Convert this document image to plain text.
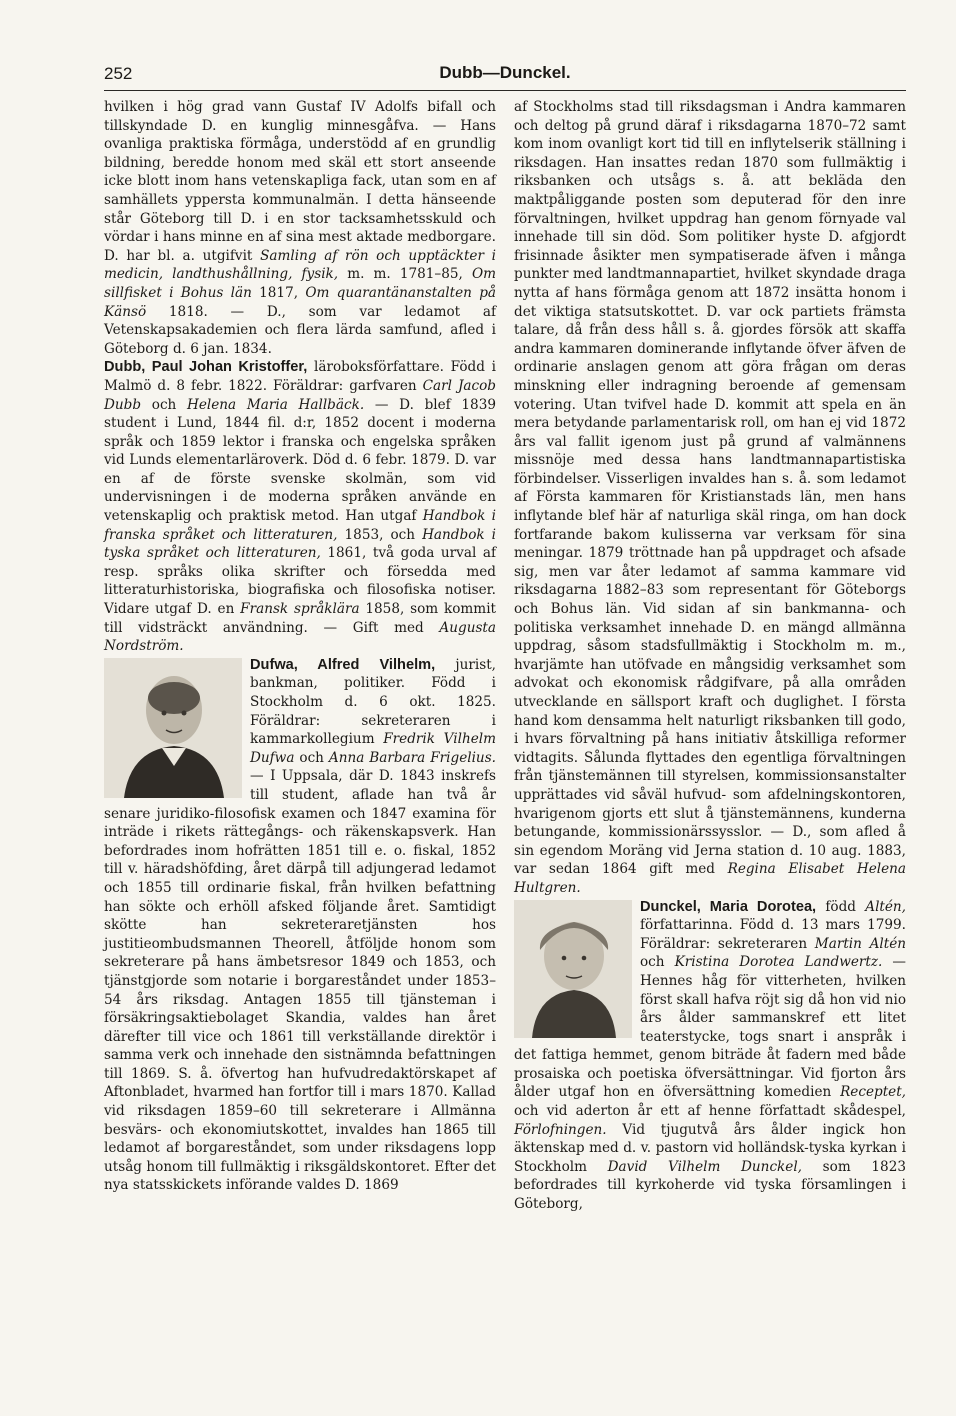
252	Dubb—Dunckel.

hvilken i hög grad vann Gustaf IV Adolfs bifall och tillskyndade D. en kunglig minnesgåfva. — Hans ovanliga praktiska förmåga, understödd af en grundlig bildning, beredde honom med skäl ett stort anseende icke blott inom hans vetenskapliga fack, utan som en af samhällets yppersta kommunalmän. I detta hänseende står Göteborg till D. i en stor tacksamhetsskuld och vördar i hans minne en af sina mest aktade medborgare. D. har bl. a. utgifvit Samling af rön och upptäckter i medicin, landthushållning, fysik, m. m. 1781–85, Om sillfisket i Bohus län 1817, Om quarantänanstalten på Känsö 1818. — D., som var ledamot af Vetenskapsakademien och flera lärda samfund, afled i Göteborg d. 6 jan. 1834.

Dubb, Paul Johan Kristoffer, läroboksförfattare. Född i Malmö d. 8 febr. 1822. Föräldrar: garfvaren Carl Jacob Dubb och Helena Maria Hallbäck. — D. blef 1839 student i Lund, 1844 fil. d:r, 1852 docent i moderna språk och 1859 lektor i franska och engelska språken vid Lunds elementarläroverk. Död d. 6 febr. 1879. D. var en af de förste svenske skolmän, som vid undervisningen i de moderna språken använde en vetenskaplig och praktisk metod. Han utgaf Handbok i franska språket och litteraturen, 1853, och Handbok i tyska språket och litteraturen, 1861, två goda urval af resp. språks olika skrifter och försedda med litteraturhistoriska, biografiska och filosofiska notiser. Vidare utgaf D. en Fransk språklära 1858, som kommit till vidsträckt användning. — Gift med Augusta Nordström.

Dufwa, Alfred Vilhelm,
jurist, bankman, politiker. Född i Stockholm d. 6 okt. 1825. Föräldrar: sekreteraren i kammarkollegium Fredrik Vilhelm Dufwa och Anna Barbara Frigelius. — I Uppsala, där D. 1843 inskrefs till student, aflade han två år senare juridiko-filosofisk examen och 1847 examina för inträde i rikets rättegångs- och räkenskapsverk. Han befordrades inom hofrätten 1851 till e. o. fiskal, 1852 till v. häradshöfding, året därpå till adjungerad ledamot och 1855 till ordinarie fiskal, från hvilken befattning han sökte och erhöll afsked följande året. Samtidigt skötte han sekreteraretjänsten hos justitieombudsmannen Theorell, åtföljde honom som sekreterare på hans ämbetsresor 1849 och 1853, och tjänstgjorde som notarie i borgareståndet under 1853–54 års riksdag. Antagen 1855 till tjänsteman i försäkringsaktiebolaget Skandia, valdes han året därefter till vice och 1861 till verkställande direktör i samma verk och innehade den sistnämnda befattningen till 1869. S. å. öfvertog han hufvudredaktörskapet af Aftonbladet, hvarmed han fortfor till i mars 1870. Kallad vid riksdagen 1859–60 till sekreterare i Allmänna besvärs- och ekonomiutskottet, invaldes han 1865 till ledamot af borgareståndet, som under riksdagens lopp utsåg honom till fullmäktig i riksgäldskontoret. Efter det nya statsskickets införande valdes D. 1869

af Stockholms stad till riksdagsman i Andra kammaren och deltog på grund däraf i riksdagarna 1870–72 samt kom inom ovanligt kort tid till en inflytelserik ställning i riksdagen. Han insattes redan 1870 som fullmäktig i riksbanken och utsågs s. å. att bekläda den maktpåliggande posten som deputerad för den inre förvaltningen, hvilket uppdrag han genom förnyade val innehade till sin död. Som politiker hyste D. afgjordt frisinnade åsikter men sympatiserade äfven i många punkter med landtmannapartiet, hvilket skyndade draga nytta af hans förmåga genom att 1872 insätta honom i det viktiga statsutskottet. D. var ock partiets främsta talare, då från dess håll s. å. gjordes försök att skaffa andra kammaren dominerande inflytande öfver äfven de ordinarie anslagen genom att göra frågan om deras minskning eller indragning beroende af gemensam votering. Utan tvifvel hade D. kommit att spela en än mera betydande parlamentarisk roll, om han ej vid 1872 års val fallit igenom just på grund af valmännens missnöje med dessa hans landtmannapartistiska förbindelser. Visserligen invaldes han s. å. som ledamot af Första kammaren för Kristianstads län, men hans inflytande blef här af naturliga skäl ringa, om han dock fortfarande bakom kulisserna var verksam för sina meningar. 1879 tröttnade han på uppdraget och afsade sig, men var åter ledamot af samma kammare vid riksdagarna 1882–83 som representant för Göteborgs och Bohus län. Vid sidan af sin bankmanna- och politiska verksamhet innehade D. en mängd allmänna uppdrag, såsom stadsfullmäktig i Stockholm m. m., hvarjämte han utöfvade en mångsidig verksamhet som advokat och ekonomisk rådgifvare, på alla områden utvecklande en sällsport kraft och duglighet. I första hand kom densamma helt naturligt riksbanken till godo, i hvars förvaltning på hans initiativ åtskilliga reformer vidtagits. Sålunda flyttades den egentliga förvaltningen från tjänstemännen till styrelsen, kommissionsanstalter upprättades vid såväl hufvud- som afdelningskontoren, hvarigenom gjorts ett slut å tjänstemännens, kunderna betungande, kommissionärssysslor. — D., som afled å sin egendom Moräng vid Jerna station d. 10 aug. 1883, var sedan 1864 gift med Regina Elisabet Helena Hultgren.

Dunckel, Maria Dorotea, född Altén,
författarinna. Född d. 13 mars 1799. Föräldrar: sekreteraren Martin Altén och Kristina Dorotea Landwertz. — Hennes håg för vitterheten, hvilken först skall hafva röjt sig då hon vid nio års ålder sammanskref ett litet teaterstycke, togs snart i anspråk i det fattiga hemmet, genom biträde åt fadern med både prosaiska och poetiska öfversättningar. Vid fjorton års ålder utgaf hon en öfversättning komedien Receptet, och vid aderton år ett af henne författadt skådespel, Förlofningen. Vid tjugutvå års ålder ingick hon äktenskap med d. v. pastorn vid holländsk-tyska kyrkan i Stockholm David Vilhelm Dunckel, som 1823 befordrades till kyrkoherde vid tyska församlingen i Göteborg,
